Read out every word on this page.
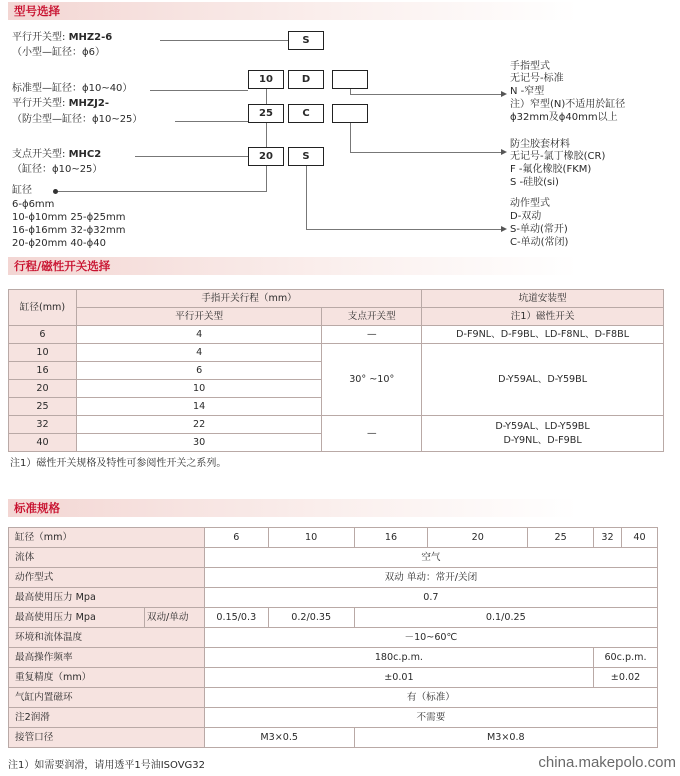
型号选择
平行开关型: MHZ2-6
（小型—缸径：ϕ6）
标准型—缸径：ϕ10~40）
平行开关型: MHZJ2-
（防尘型—缸径：ϕ10~25）
支点开关型: MHC2
（缸径：ϕ10~25）
缸径
6-ϕ6mm
10-ϕ10mm 25-ϕ25mm
16-ϕ16mm 32-ϕ32mm
20-ϕ20mm 40-ϕ40
S
10	D
25	C
20	S
手指型式
无记号-标准
N -窄型
注）窄型(N)不适用於缸径
ϕ32mm及ϕ40mm以上
防尘胶套材料
无记号-氯丁橡胶(CR)
F -氟化橡胶(FKM)
S -硅胶(si)
动作型式
D-双动
S-单动(常开)
C-单动(常闭)
行程/磁性开关选择
缸径(mm)	手指开关行程（mm）		坑道安装型
	平行开关型	支点开关型	注1）磁性开关
6	4	—	D-F9NL、D-F9BL、LD-F8NL、D-F8BL
10	4	30° ~10°	D-Y59AL、D-Y59BL
16	6		
20	10		
25	14		
32	22	—	D-Y59AL、LD-Y59BL
D-Y9NL、D-F9BL
40	30		
注1）磁性开关规格及特性可参阅性开关之系列。
标准规格
缸径（mm）		6	10	16	20	25	32	40
流体		空气						
动作型式		双动 单动：常开/关闭						
最高使用压力 Mpa		0.7						
最高使用压力 Mpa	双动/单动	0.15/0.3	0.2/0.35	0.1/0.25				
环境和流体温度		－10~60℃						
最高操作频率		180c.p.m.					60c.p.m.	
重复精度（mm）		±0.01					±0.02	
气缸内置磁环		有（标准）						
注2润滑		不需要						
接管口径		M3×0.5		M3×0.8				
注1）如需要润滑，请用透平1号油ISOVG32	china.makepolo.com
